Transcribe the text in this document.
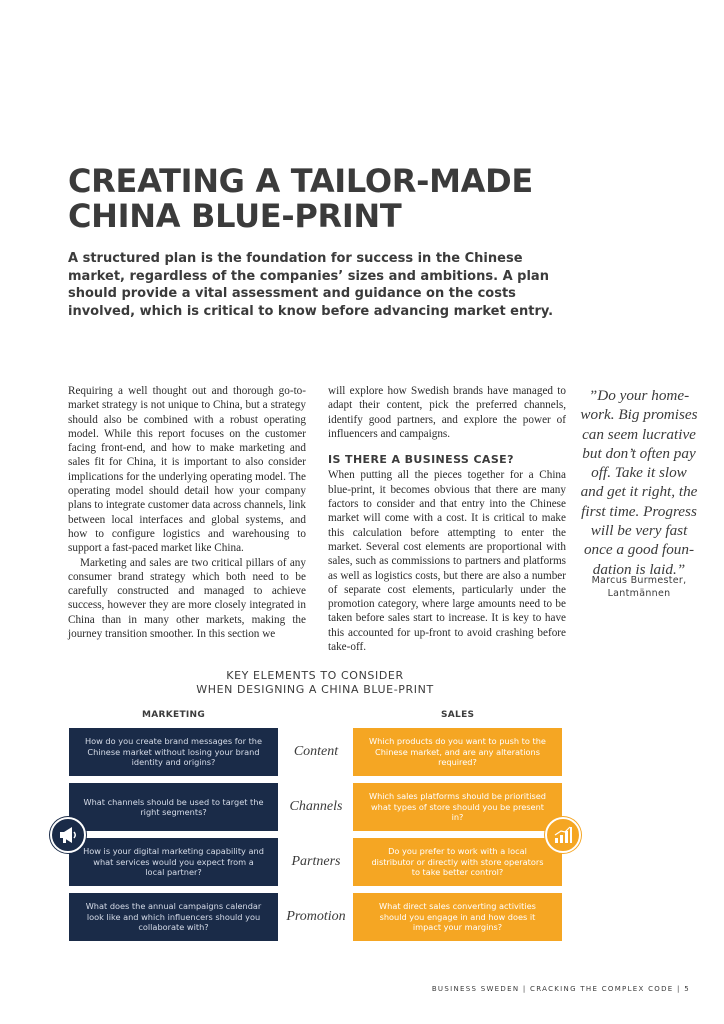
CREATING A TAILOR-MADE
CHINA BLUE-PRINT

A structured plan is the foundation for success in the Chinese market, regardless of the companies’ sizes and ambitions. A plan should provide a vital assessment and guidance on the costs involved, which is critical to know before advancing market entry.

Requiring a well thought out and thorough go-to-market strategy is not unique to China, but a strategy should also be combined with a robust operating model. While this report focuses on the customer facing front-end, and how to make marketing and sales fit for China, it is important to also consider implications for the underlying operating model. The operating model should detail how your company plans to integrate customer data across channels, link between local interfaces and global systems, and how to configure logistics and warehousing to support a fast-paced market like China.

Marketing and sales are two critical pillars of any consumer brand strategy which both need to be carefully constructed and managed to achieve success, however they are more closely integrated in China than in many other markets, making the journey transition smoother. In this section we

will explore how Swedish brands have managed to adapt their content, pick the preferred channels, identify good partners, and explore the power of influencers and campaigns.

IS THERE A BUSINESS CASE?

When putting all the pieces together for a China blue-print, it becomes obvious that there are many factors to consider and that entry into the Chinese market will come with a cost. It is critical to make this calculation before attempting to enter the market. Several cost elements are proportional with sales, such as commissions to partners and platforms as well as logistics costs, but there are also a number of separate cost elements, particularly under the promotion category, where large amounts need to be taken before sales start to increase. It is key to have this accounted for up-front to avoid crashing before take-off.

”Do your home-work. Big promises can seem lucrative but don’t often pay off. Take it slow and get it right, the first time. Progress will be very fast once a good foun-dation is laid.”
Marcus Burmester,
Lantmännen
KEY ELEMENTS TO CONSIDER
WHEN DESIGNING A CHINA BLUE-PRINT
MARKETING	SALES
How do you create brand messages for the Chinese market without losing your brand identity and origins?
Content
Which products do you want to push to the Chinese market, and are any alterations required?
What channels should be used to target the right segments?	Channels
Which sales platforms should be prioritised what types of store should you be present in?
How is your digital marketing capability and what services would you expect from a local partner?
Partners
Do you prefer to work with a local distributor or directly with store operators to take better control?
What does the annual campaigns calendar look like and which influencers should you collaborate with?
Promotion
What direct sales converting activities should you engage in and how does it impact your margins?
BUSINESS SWEDEN | CRACKING THE COMPLEX CODE | 5
